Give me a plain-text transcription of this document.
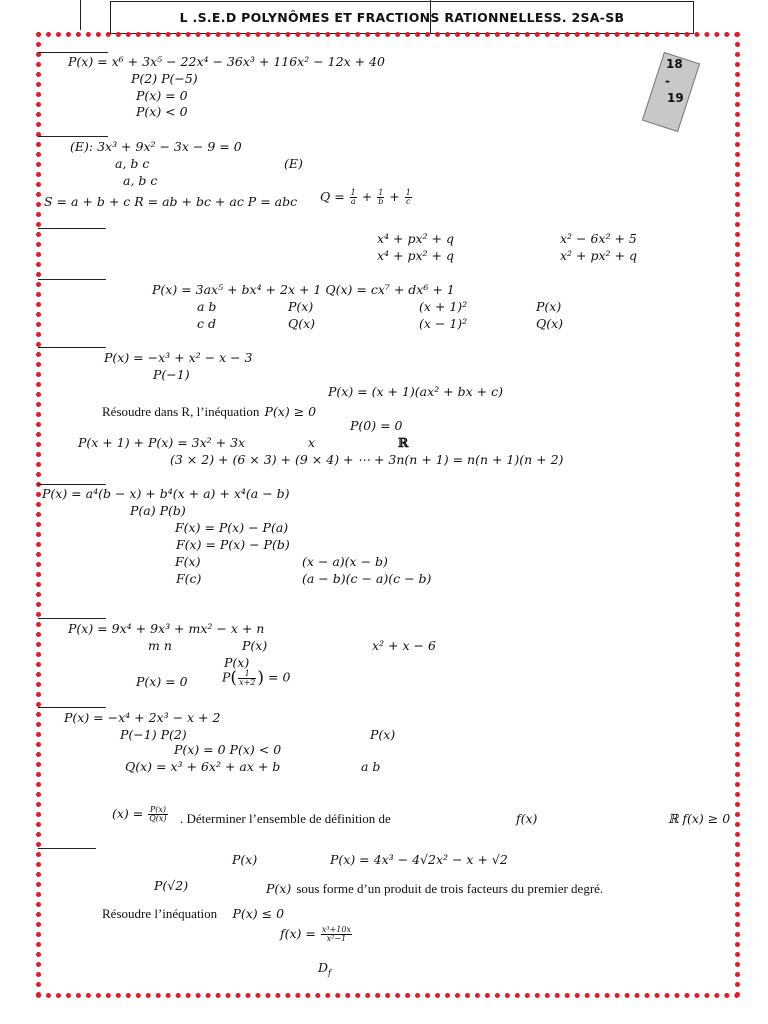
L .S.E.D POLYNÔMES ET FRACTIONS RATIONNELLESS. 2SA-SB
18
-
19
P(x) = x⁶ + 3x⁵ − 22x⁴ − 36x³ + 116x² − 12x + 40
P(2) P(−5)
P(x) = 0
P(x) < 0
(E): 3x³ + 9x² − 3x − 9 = 0
a, b c	(E)
a, b c
S = a + b + c R = ab + bc + ac P = abc $Q = \frac{1}{a} + \frac{1}{b} + \frac{1}{c}$
x⁴ + px² + q	x² − 6x² + 5
x⁴ + px² + q	x² + px² + q
P(x) = 3ax⁵ + bx⁴ + 2x + 1 Q(x) = cx⁷ + dx⁶ + 1
a b	P(x)	(x + 1)²	P(x)
c d	Q(x)	(x − 1)²	Q(x)
P(x) = −x³ + x² − x − 3
P(−1)
P(x) = (x + 1)(ax² + bx + c)
Résoudre dans R, l’inéquation P(x) ≥ 0
P(0) = 0
P(x + 1) + P(x) = 3x² + 3x	x	ℝ
(3 × 2) + (6 × 3) + (9 × 4) + ⋯ + 3n(n + 1) = n(n + 1)(n + 2)
P(x) = a⁴(b − x) + b⁴(x + a) + x⁴(a − b)
P(a) P(b)
F(x) = P(x) − P(a)
F(x) = P(x) − P(b)
F(x)	(x − a)(x − b)
F(c)	(a − b)(c − a)(c − b)
P(x) = 9x⁴ + 9x³ + mx² − x + n
m n	P(x)	x² + x − 6
P(x)
P(x) = 0	$P( \frac{1}{x+2}$ ) = 0
P(x) = −x⁴ + 2x³ − x + 2
P(−1) P(2)	P(x)
P(x) = 0 P(x) < 0
Q(x) = x³ + 6x² + ax + b	a b
$(x) = \frac{P(x)}{Q(x)}$ . Déterminer l’ensemble de définition de	f(x)	ℝ f(x) ≥ 0
P(x)	P(x) = 4x³ − 4√2x² − x + √2
P(√2)	P(x) sous forme d’un produit de trois facteurs du premier degré.
Résoudre l’inéquation P(x) ≤ 0
$f(x) = \frac{\text{x³+10x}}{\text{x²−1}}$
$D_f$
